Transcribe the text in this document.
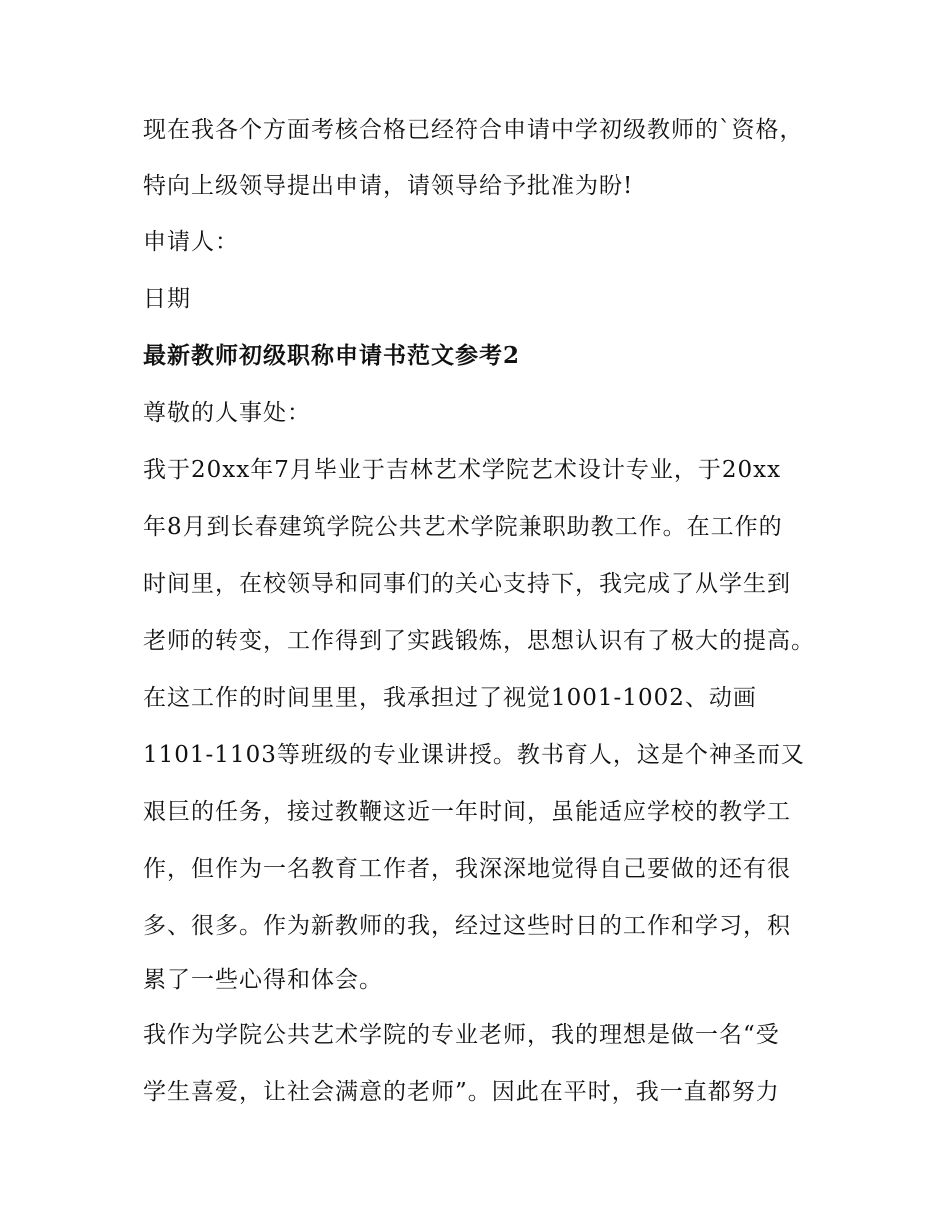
现在我各个方面考核合格已经符合申请中学初级教师的`资格，
特向上级领导提出申请，请领导给予批准为盼!
申请人：
日期
最新教师初级职称申请书范文参考2
尊敬的人事处：
我于20xx年7月毕业于吉林艺术学院艺术设计专业，于20xx
年8月到长春建筑学院公共艺术学院兼职助教工作。在工作的
时间里，在校领导和同事们的关心支持下，我完成了从学生到
老师的转变，工作得到了实践锻炼，思想认识有了极大的提高。
在这工作的时间里里，我承担过了视觉1001-1002、动画
1101-1103等班级的专业课讲授。教书育人，这是个神圣而又
艰巨的任务，接过教鞭这近一年时间，虽能适应学校的教学工
作，但作为一名教育工作者，我深深地觉得自己要做的还有很
多、很多。作为新教师的我，经过这些时日的工作和学习，积
累了一些心得和体会。
我作为学院公共艺术学院的专业老师，我的理想是做一名“受
学生喜爱，让社会满意的老师”。因此在平时，我一直都努力
